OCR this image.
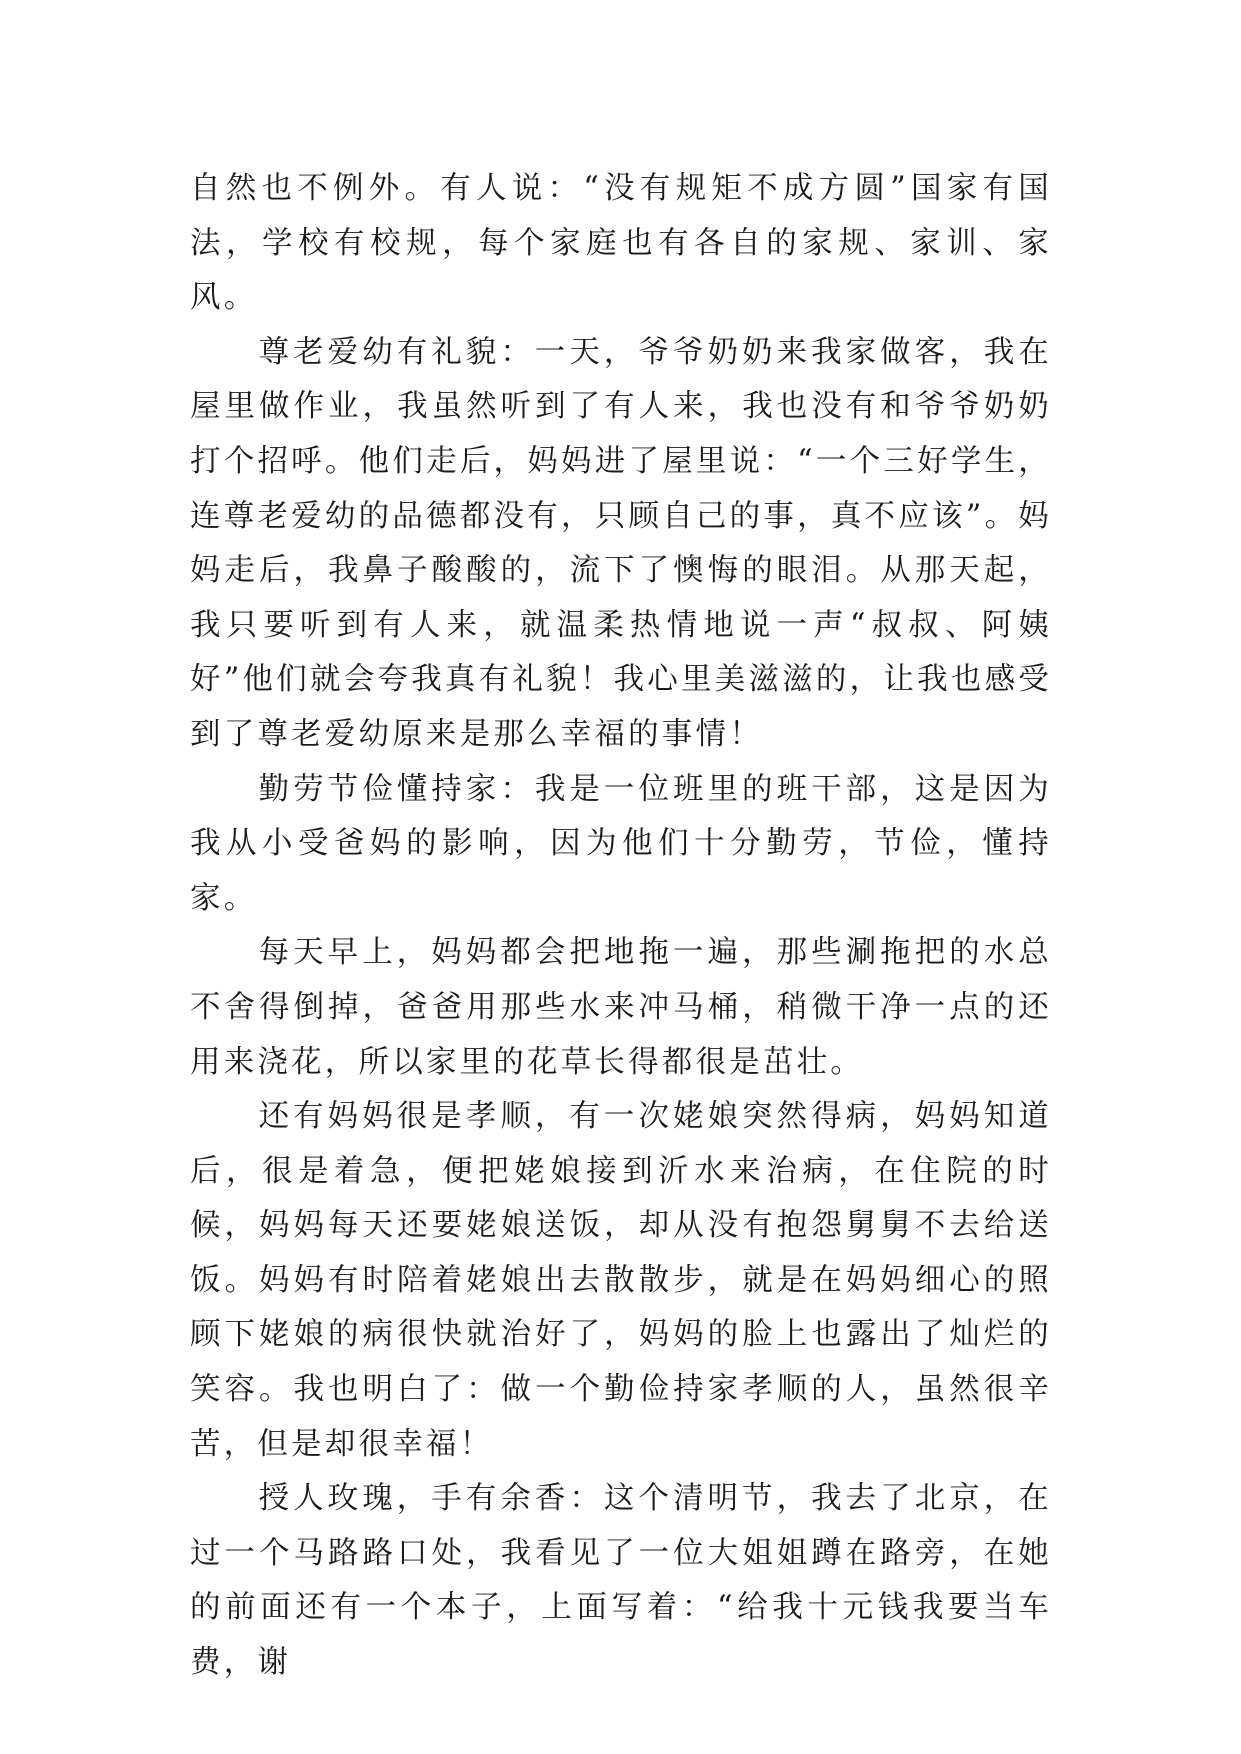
自然也不例外。有人说：“没有规矩不成方圆”国家有国法，学校有校规，每个家庭也有各自的家规、家训、家风。

尊老爱幼有礼貌：一天，爷爷奶奶来我家做客，我在屋里做作业，我虽然听到了有人来，我也没有和爷爷奶奶打个招呼。他们走后，妈妈进了屋里说：“一个三好学生，连尊老爱幼的品德都没有，只顾自己的事，真不应该”。妈妈走后，我鼻子酸酸的，流下了懊悔的眼泪。从那天起，我只要听到有人来，就温柔热情地说一声“叔叔、阿姨好”他们就会夸我真有礼貌！我心里美滋滋的，让我也感受到了尊老爱幼原来是那么幸福的事情！

勤劳节俭懂持家：我是一位班里的班干部，这是因为我从小受爸妈的影响，因为他们十分勤劳，节俭，懂持家。

每天早上，妈妈都会把地拖一遍，那些涮拖把的水总不舍得倒掉，爸爸用那些水来冲马桶，稍微干净一点的还用来浇花，所以家里的花草长得都很是茁壮。

还有妈妈很是孝顺，有一次姥娘突然得病，妈妈知道后，很是着急，便把姥娘接到沂水来治病，在住院的时候，妈妈每天还要姥娘送饭，却从没有抱怨舅舅不去给送饭。妈妈有时陪着姥娘出去散散步，就是在妈妈细心的照顾下姥娘的病很快就治好了，妈妈的脸上也露出了灿烂的笑容。我也明白了：做一个勤俭持家孝顺的人，虽然很辛苦，但是却很幸福！

授人玫瑰，手有余香：这个清明节，我去了北京，在过一个马路路口处，我看见了一位大姐姐蹲在路旁，在她的前面还有一个本子，上面写着：“给我十元钱我要当车费，谢
